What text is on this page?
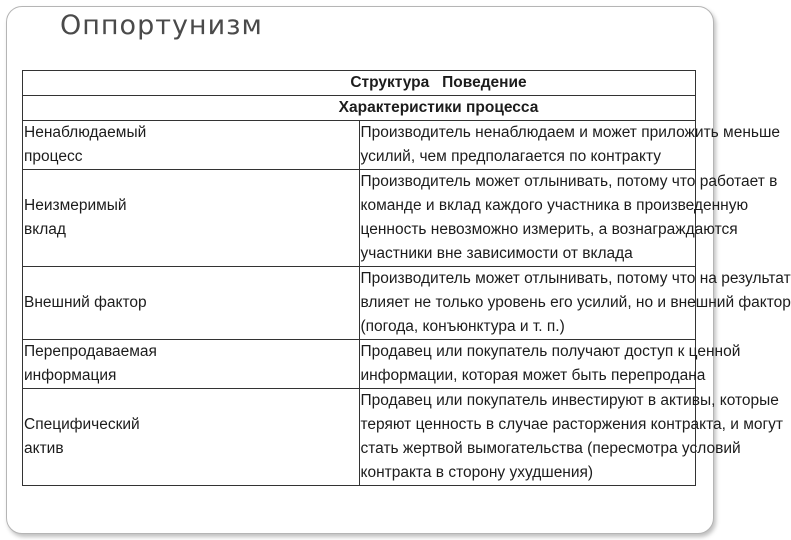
Оппортунизм
Структура   Поведение	
Характеристики процесса	

Ненаблюдаемый
процесс	Производитель ненаблюдаем и может приложить меньше
усилий, чем предполагается по контракту

Неизмеримый
вклад	Производитель может отлынивать, потому что работает в
команде и вклад каждого участника в произведенную
ценность невозможно измерить, а вознаграждаются
участники вне зависимости от вклада

Внешний фактор	Производитель может отлынивать, потому что на результат
влияет не только уровень его усилий, но и внешний фактор
(погода, конъюнктура и т. п.)

Перепродаваемая
информация	Продавец или покупатель получают доступ к ценной
информации, которая может быть перепродана

Специфический
актив	Продавец или покупатель инвестируют в активы, которые
теряют ценность в случае расторжения контракта, и могут
стать жертвой вымогательства (пересмотра условий
контракта в сторону ухудшения)
